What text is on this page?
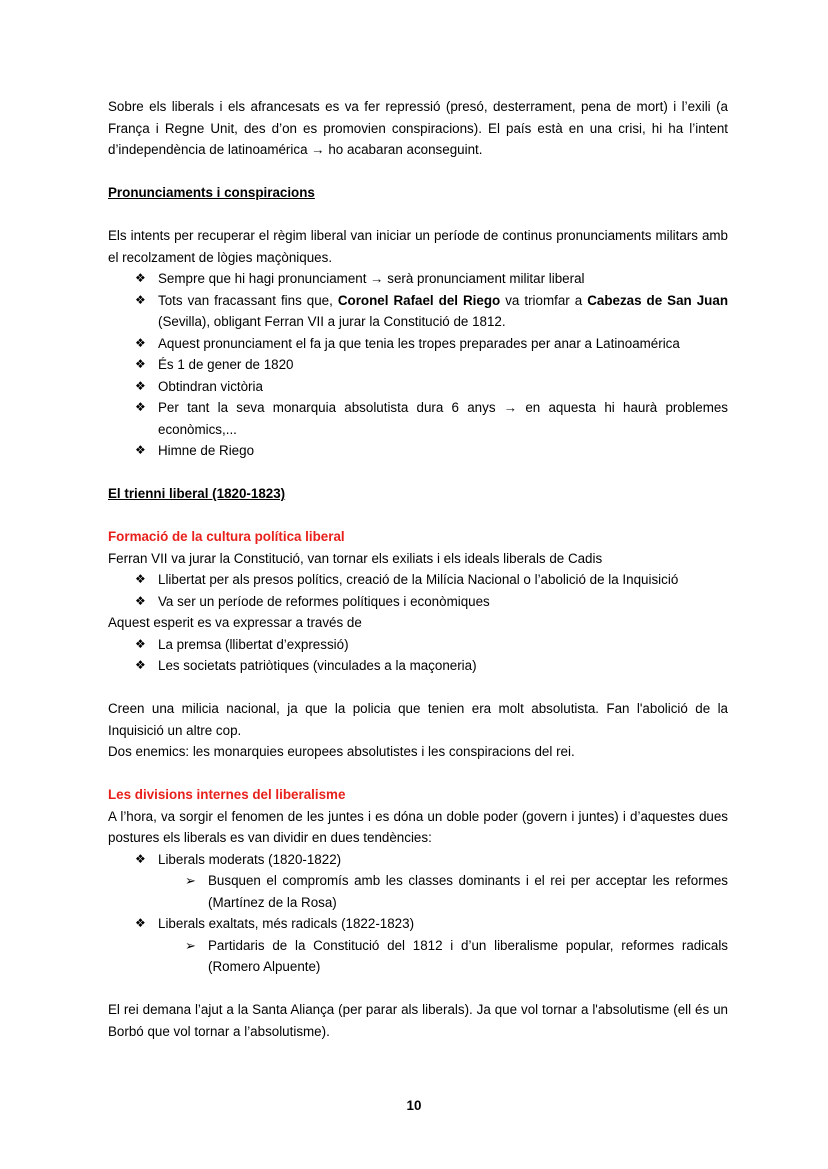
Sobre els liberals i els afrancesats es va fer repressió (presó, desterrament, pena de mort) i l’exili (a França i Regne Unit, des d’on es promovien conspiracions). El país està en una crisi, hi ha l’intent d’independència de latinoamérica → ho acabaran aconseguint.

Pronunciaments i conspiracions

Els intents per recuperar el règim liberal van iniciar un període de continus pronunciaments militars amb el recolzament de lògies maçòniques.

❖ Sempre que hi hagi pronunciament → serà pronunciament militar liberal
❖ Tots van fracassant fins que, Coronel Rafael del Riego va triomfar a Cabezas de San Juan (Sevilla), obligant Ferran VII a jurar la Constitució de 1812.
❖ Aquest pronunciament el fa ja que tenia les tropes preparades per anar a Latinoamérica
❖ És 1 de gener de 1820
❖ Obtindran victòria
❖ Per tant la seva monarquia absolutista dura 6 anys → en aquesta hi haurà problemes econòmics,...
❖ Himne de Riego

El trienni liberal (1820-1823)

Formació de la cultura política liberal

Ferran VII va jurar la Constitució, van tornar els exiliats i els ideals liberals de Cadis

❖ Llibertat per als presos polítics, creació de la Milícia Nacional o l’abolició de la Inquisició
❖ Va ser un període de reformes polítiques i econòmiques

Aquest esperit es va expressar a través de

❖ La premsa (llibertat d’expressió)
❖ Les societats patriòtiques (vinculades a la maçoneria)

Creen una milicia nacional, ja que la policia que tenien era molt absolutista. Fan l'abolició de la Inquisició un altre cop.

Dos enemics: les monarquies europees absolutistes i les conspiracions del rei.

Les divisions internes del liberalisme

A l’hora, va sorgir el fenomen de les juntes i es dóna un doble poder (govern i juntes) i d’aquestes dues postures els liberals es van dividir en dues tendències:

❖ Liberals moderats (1820-1822)
➢ Busquen el compromís amb les classes dominants i el rei per acceptar les reformes (Martínez de la Rosa)
❖ Liberals exaltats, més radicals (1822-1823)
➢ Partidaris de la Constitució del 1812 i d’un liberalisme popular, reformes radicals (Romero Alpuente)

El rei demana l’ajut a la Santa Aliança (per parar als liberals). Ja que vol tornar a l'absolutisme (ell és un Borbó que vol tornar a l’absolutisme).

10
